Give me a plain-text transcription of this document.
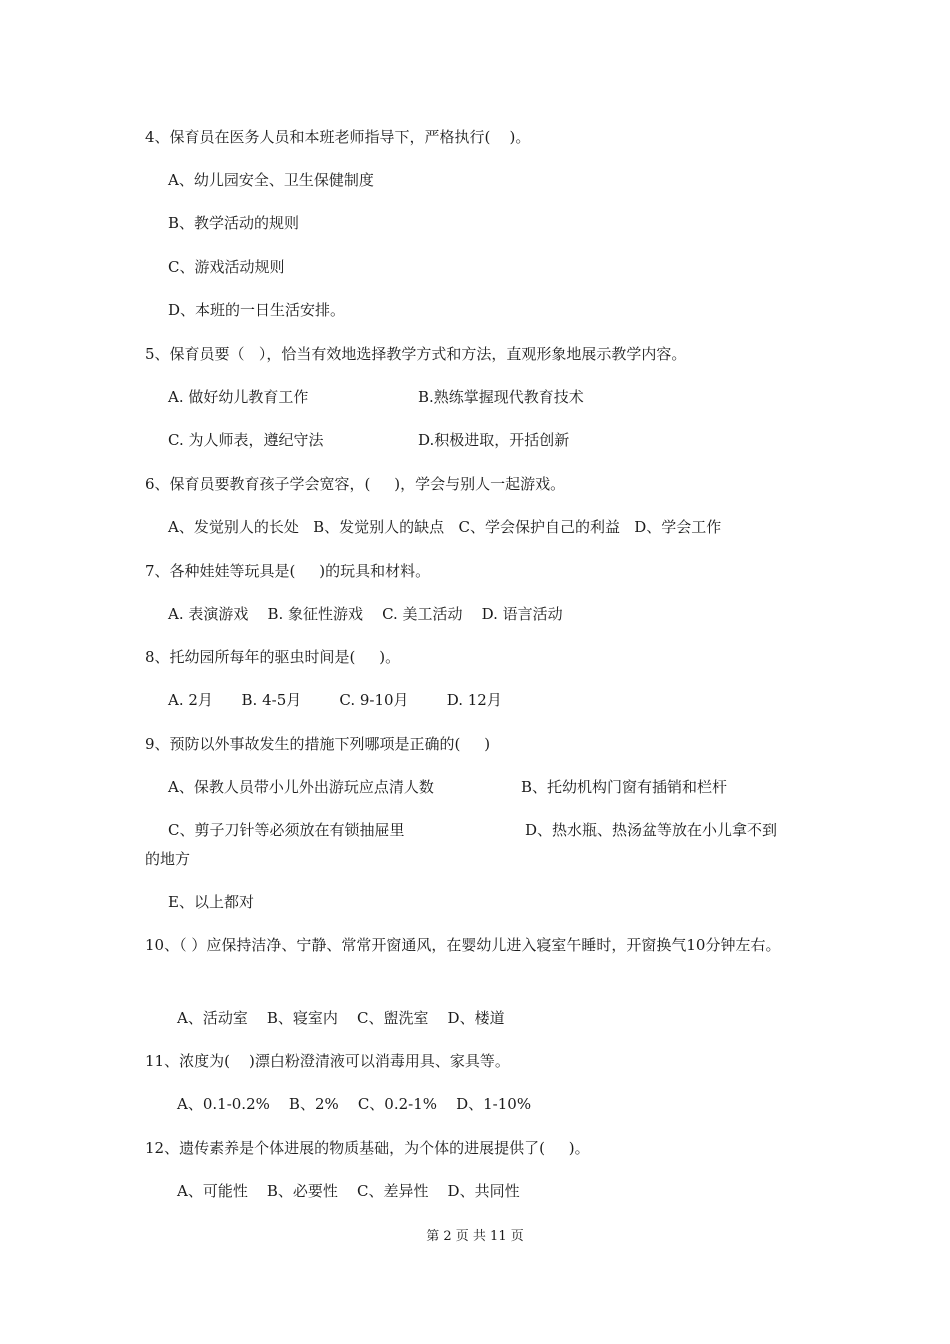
4、保育员在医务人员和本班老师指导下，严格执行(    )。
A、幼儿园安全、卫生保健制度
B、教学活动的规则
C、游戏活动规则
D、本班的一日生活安排。
5、保育员要（   ），恰当有效地选择教学方式和方法，直观形象地展示教学内容。
A. 做好幼儿教育工作	B.熟练掌握现代教育技术
C. 为人师表，遵纪守法	D.积极进取，开括创新
6、保育员要教育孩子学会宽容，(     )，学会与别人一起游戏。
A、发觉别人的长处   B、发觉别人的缺点   C、学会保护自己的利益   D、学会工作
7、各种娃娃等玩具是(     )的玩具和材料。
A. 表演游戏    B. 象征性游戏    C. 美工活动    D. 语言活动
8、托幼园所每年的驱虫时间是(     )。
A. 2月      B. 4-5月        C. 9-10月        D. 12月
9、预防以外事故发生的措施下列哪项是正确的(     )
A、保教人员带小儿外出游玩应点清人数	B、托幼机构门窗有插销和栏杆
C、剪子刀针等必须放在有锁抽屉里	D、热水瓶、热汤盆等放在小儿拿不到
的地方
E、以上都对
10、（ ）应保持洁净、宁静、常常开窗通风，在婴幼儿进入寝室午睡时，开窗换气10分钟左右。
A、活动室    B、寝室内    C、盥洗室    D、楼道
11、浓度为(    )漂白粉澄清液可以消毒用具、家具等。
A、0.1-0.2%    B、2%    C、0.2-1%    D、1-10%
12、遗传素养是个体进展的物质基础，为个体的进展提供了(     )。
A、可能性    B、必要性    C、差异性    D、共同性
第 2 页 共 11 页
